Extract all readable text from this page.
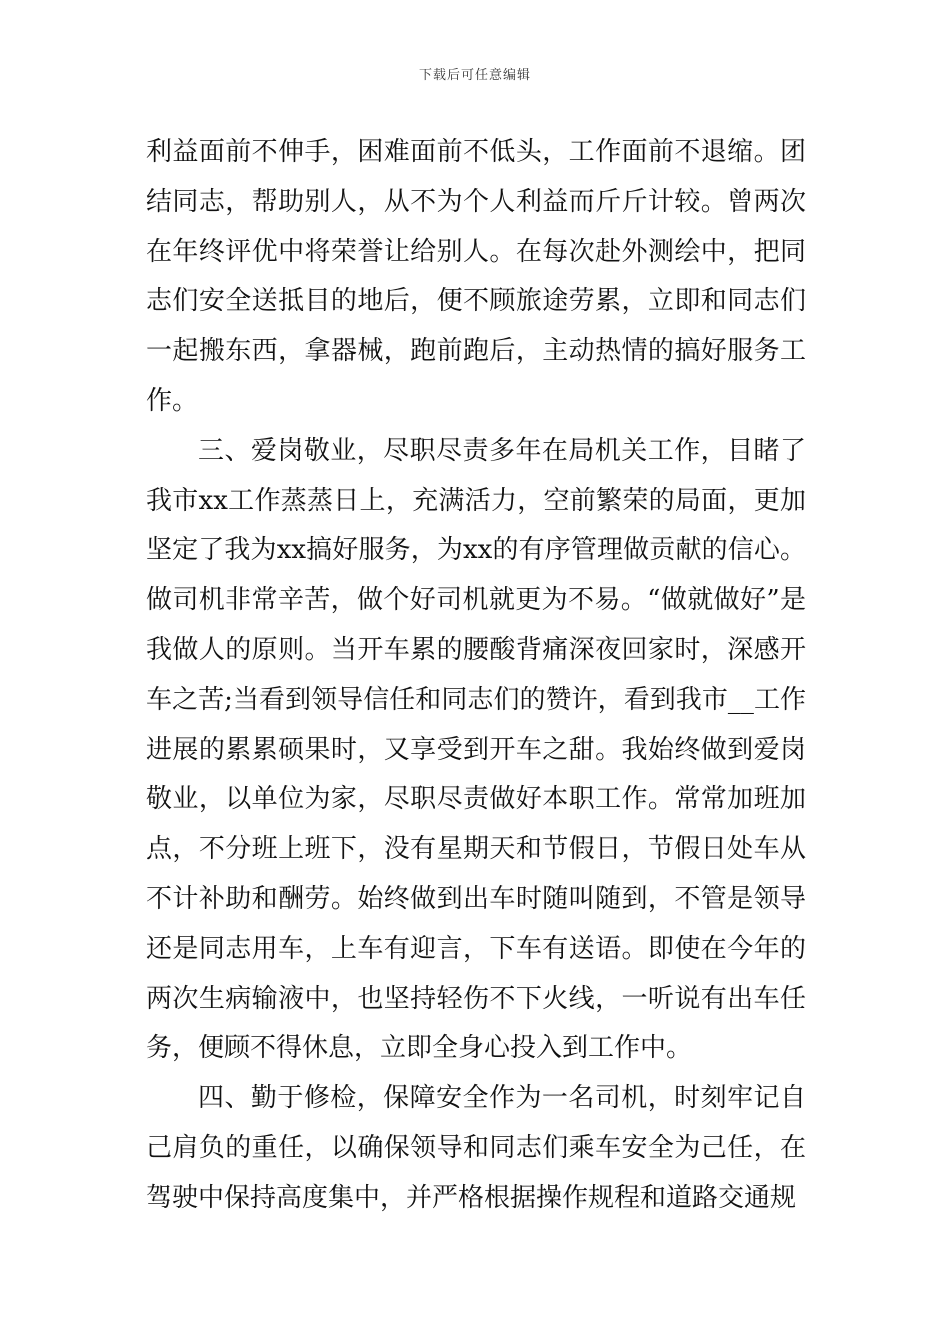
下载后可任意编辑

利益面前不伸手，困难面前不低头，工作面前不退缩。团结同志，帮助别人，从不为个人利益而斤斤计较。曾两次在年终评优中将荣誉让给别人。在每次赴外测绘中，把同志们安全送抵目的地后，便不顾旅途劳累，立即和同志们一起搬东西，拿器械，跑前跑后，主动热情的搞好服务工作。

三、爱岗敬业，尽职尽责多年在局机关工作，目睹了我市xx工作蒸蒸日上，充满活力，空前繁荣的局面，更加坚定了我为xx搞好服务，为xx的有序管理做贡献的信心。做司机非常辛苦，做个好司机就更为不易。“做就做好”是我做人的原则。当开车累的腰酸背痛深夜回家时，深感开车之苦;当看到领导信任和同志们的赞许，看到我市__工作进展的累累硕果时，又享受到开车之甜。我始终做到爱岗敬业，以单位为家，尽职尽责做好本职工作。常常加班加点，不分班上班下，没有星期天和节假日，节假日处车从不计补助和酬劳。始终做到出车时随叫随到，不管是领导还是同志用车，上车有迎言，下车有送语。即使在今年的两次生病输液中，也坚持轻伤不下火线，一听说有出车任务，便顾不得休息，立即全身心投入到工作中。

四、勤于修检，保障安全作为一名司机，时刻牢记自己肩负的重任，以确保领导和同志们乘车安全为己任，在驾驶中保持高度集中，并严格根据操作规程和道路交通规
